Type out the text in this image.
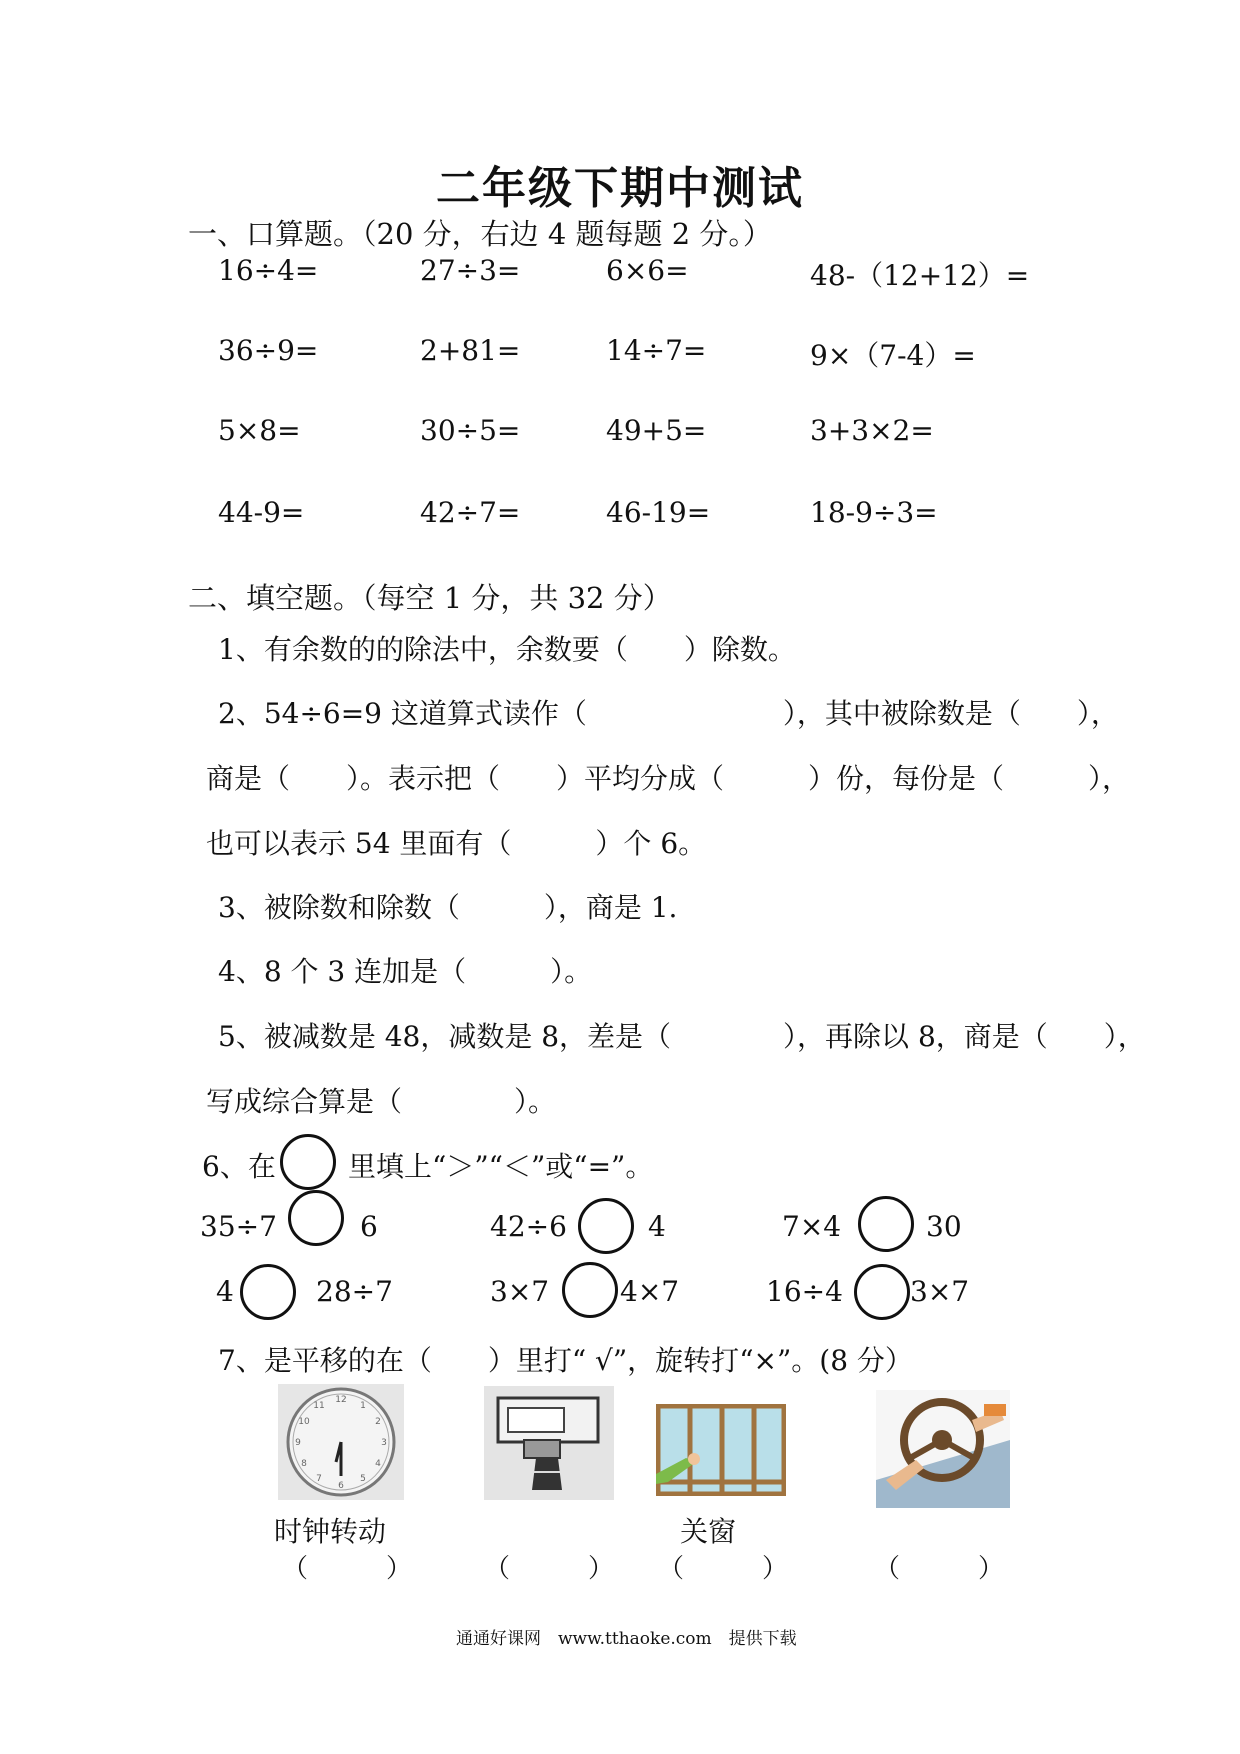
二年级下期中测试
一、口算题。（20 分，右边 4 题每题 2 分。）
16÷4=	27÷3=	6×6=	48-（12+12）=
36÷9=	2+81=	14÷7=	9×（7-4）=
5×8=	30÷5=	49+5=	3+3×2=
44-9=	42÷7=	46-19=	18-9÷3=
二、填空题。（每空 1 分，共 32 分）
1、有余数的的除法中，余数要（　　）除数。
2、54÷6=9 这道算式读作（　　　　　　　），其中被除数是（　　），
商是（　　）。表示把（　　）平均分成（　　　）份，每份是（　　　），
也可以表示 54 里面有（　　　）个 6。
3、被除数和除数（　　　），商是 1.
4、8 个 3 连加是（　　　）。
5、被减数是 48，减数是 8，差是（　　　　），再除以 8，商是（　　），
写成综合算是（　　　　）。
6、在	里填上“＞”“＜”或“=”。
35÷7	6	42÷6	4	7×4	30
4	28÷7	3×7	4×7	16÷4 3×7
7、是平移的在（　　）里打“ √”，旋转打“×”。(8 分）
12
1
2
3
4
5
6
7
8
9
10
11
时钟转动	关窗
（　　　）	（　　　） （　　　）	（　　　）
通通好课网　www.tthaoke.com　提供下载
